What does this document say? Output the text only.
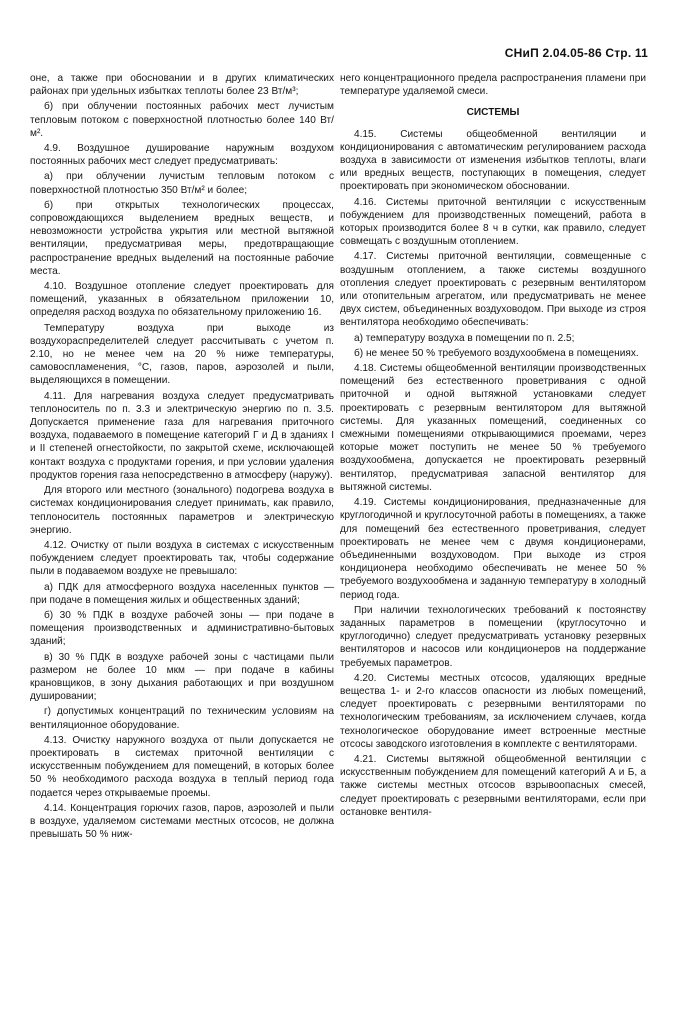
СНиП 2.04.05-86 Стр. 11

оне, а также при обосновании и в других климатических районах при удельных избытках теплоты более 23 Вт/м³;

б) при облучении постоянных рабочих мест лучистым тепловым потоком с поверхностной плотностью более 140 Вт/м².

4.9. Воздушное душирование наружным воздухом постоянных рабочих мест следует предусматривать:

а) при облучении лучистым тепловым потоком с поверхностной плотностью 350 Вт/м² и более;

б) при открытых технологических процессах, сопровождающихся выделением вредных веществ, и невозможности устройства укрытия или местной вытяжной вентиляции, предусматривая меры, предотвращающие распространение вредных выделений на постоянные рабочие места.

4.10. Воздушное отопление следует проектировать для помещений, указанных в обязательном приложении 10, определяя расход воздуха по обязательному приложению 16.

Температуру воздуха при выходе из воздухораспределителей следует рассчитывать с учетом п. 2.10, но не менее чем на 20 % ниже температуры, самовоспламенения, °С, газов, паров, аэрозолей и пыли, выделяющихся в помещении.

4.11. Для нагревания воздуха следует предусматривать теплоноситель по п. 3.3 и электрическую энергию по п. 3.5. Допускается применение газа для нагревания приточного воздуха, подаваемого в помещение категорий Г и Д в зданиях I и II степеней огнестойкости, по закрытой схеме, исключающей контакт воздуха с продуктами горения, и при условии удаления продуктов горения газа непосредственно в атмосферу (наружу).

Для второго или местного (зонального) подогрева воздуха в системах кондиционирования следует принимать, как правило, теплоноситель постоянных параметров и электрическую энергию.

4.12. Очистку от пыли воздуха в системах с искусственным побуждением следует проектировать так, чтобы содержание пыли в подаваемом воздухе не превышало:

а) ПДК для атмосферного воздуха населенных пунктов — при подаче в помещения жилых и общественных зданий;

б) 30 % ПДК в воздухе рабочей зоны — при подаче в помещения производственных и административно-бытовых зданий;

в) 30 % ПДК в воздухе рабочей зоны с частицами пыли размером не более 10 мкм — при подаче в кабины крановщиков, в зону дыхания работающих и при воздушном душировании;

г) допустимых концентраций по техническим условиям на вентиляционное оборудование.

4.13. Очистку наружного воздуха от пыли допускается не проектировать в системах приточной вентиляции с искусственным побуждением для помещений, в которых более 50 % необходимого расхода воздуха в теплый период года подается через открываемые проемы.

4.14. Концентрация горючих газов, паров, аэрозолей и пыли в воздухе, удаляемом системами местных отсосов, не должна превышать 50 % ниж-

него концентрационного предела распространения пламени при температуре удаляемой смеси.

СИСТЕМЫ

4.15. Системы общеобменной вентиляции и кондиционирования с автоматическим регулированием расхода воздуха в зависимости от изменения избытков теплоты, влаги или вредных веществ, поступающих в помещения, следует проектировать при экономическом обосновании.

4.16. Системы приточной вентиляции с искусственным побуждением для производственных помещений, работа в которых производится более 8 ч в сутки, как правило, следует совмещать с воздушным отоплением.

4.17. Системы приточной вентиляции, совмещенные с воздушным отоплением, а также системы воздушного отопления следует проектировать с резервным вентилятором или отопительным агрегатом, или предусматривать не менее двух систем, объединенных воздуховодом. При выходе из строя вентилятора необходимо обеспечивать:

а) температуру воздуха в помещении по п. 2.5;

б) не менее 50 % требуемого воздухообмена в помещениях.

4.18. Системы общеобменной вентиляции производственных помещений без естественного проветривания с одной приточной и одной вытяжной установками следует проектировать с резервным вентилятором для вытяжной системы. Для указанных помещений, соединенных со смежными помещениями открывающимися проемами, через которые может поступить не менее 50 % требуемого воздухообмена, допускается не проектировать резервный вентилятор, предусматривая запасной вентилятор для вытяжной системы.

4.19. Системы кондиционирования, предназначенные для круглогодичной и круглосуточной работы в помещениях, а также для помещений без естественного проветривания, следует проектировать не менее чем с двумя кондиционерами, объединенными воздуховодом. При выходе из строя кондиционера необходимо обеспечивать не менее 50 % требуемого воздухообмена и заданную температуру в холодный период года.

При наличии технологических требований к постоянству заданных параметров в помещении (круглосуточно и круглогодично) следует предусматривать установку резервных вентиляторов и насосов или кондиционеров на поддержание требуемых параметров.

4.20. Системы местных отсосов, удаляющих вредные вещества 1- и 2-го классов опасности из любых помещений, следует проектировать с резервными вентиляторами по технологическим требованиям, за исключением случаев, когда технологическое оборудование имеет встроенные местные отсосы заводского изготовления в комплекте с вентиляторами.

4.21. Системы вытяжной общеобменной вентиляции с искусственным побуждением для помещений категорий А и Б, а также системы местных отсосов взрывоопасных смесей, следует проектировать с резервными вентиляторами, если при остановке вентиля-
